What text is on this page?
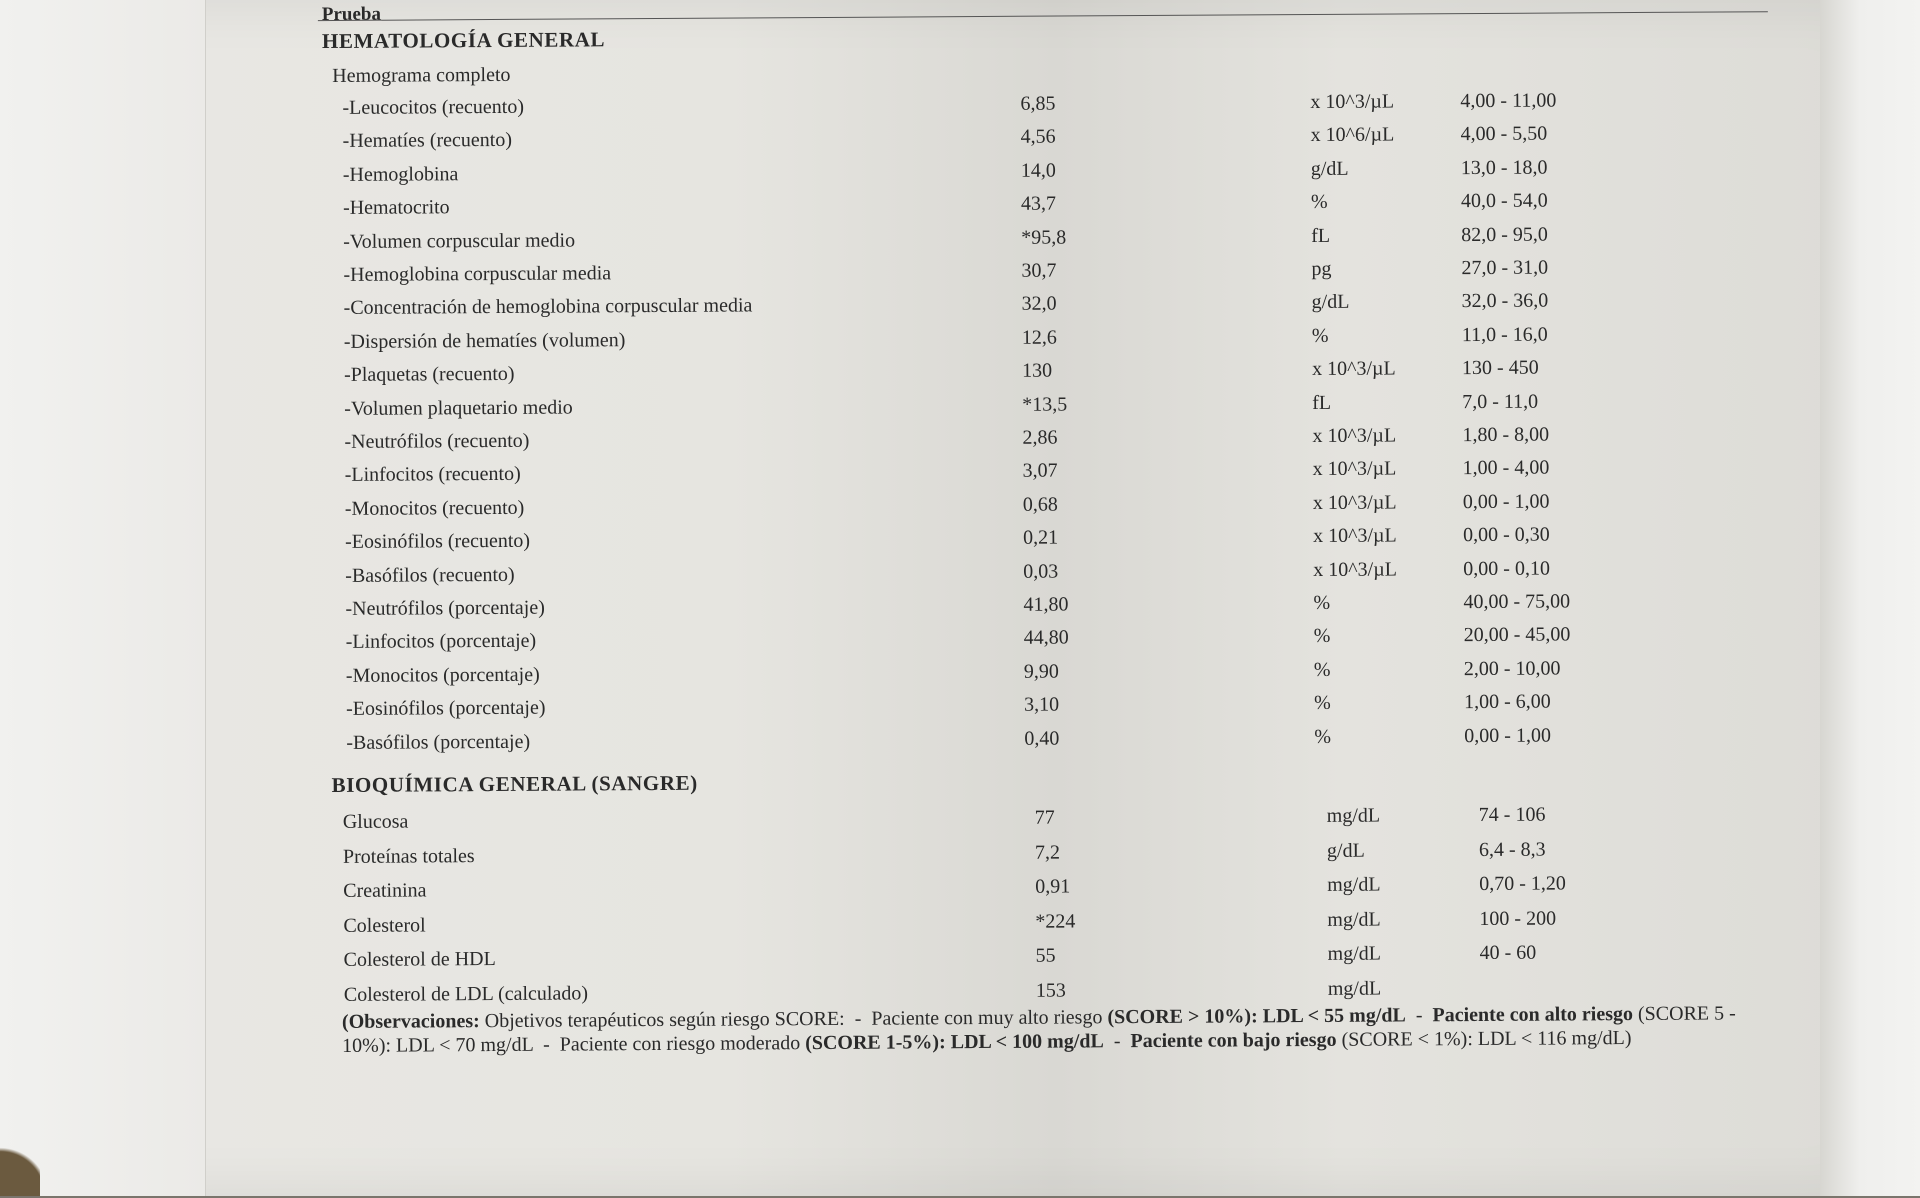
Prueba
HEMATOLOGÍA GENERAL
Hemograma completo
-Leucocitos (recuento)	6,85	x 10^3/µL	4,00 - 11,00
-Hematíes (recuento)	4,56	x 10^6/µL	4,00 - 5,50
-Hemoglobina	14,0	g/dL	13,0 - 18,0
-Hematocrito	43,7	%	40,0 - 54,0
-Volumen corpuscular medio	*95,8	fL	82,0 - 95,0
-Hemoglobina corpuscular media	30,7	pg	27,0 - 31,0
-Concentración de hemoglobina corpuscular media	32,0	g/dL	32,0 - 36,0
-Dispersión de hematíes (volumen)	12,6	%	11,0 - 16,0
-Plaquetas (recuento)	130	x 10^3/µL	130 - 450
-Volumen plaquetario medio	*13,5	fL	7,0 - 11,0
-Neutrófilos (recuento)	2,86	x 10^3/µL	1,80 - 8,00
-Linfocitos (recuento)	3,07	x 10^3/µL	1,00 - 4,00
-Monocitos (recuento)	0,68	x 10^3/µL	0,00 - 1,00
-Eosinófilos (recuento)	0,21	x 10^3/µL	0,00 - 0,30
-Basófilos (recuento)	0,03	x 10^3/µL	0,00 - 0,10
-Neutrófilos (porcentaje)	41,80	%	40,00 - 75,00
-Linfocitos (porcentaje)	44,80	%	20,00 - 45,00
-Monocitos (porcentaje)	9,90	%	2,00 - 10,00
-Eosinófilos (porcentaje)	3,10	%	1,00 - 6,00
-Basófilos (porcentaje)	0,40	%	0,00 - 1,00
BIOQUÍMICA GENERAL (SANGRE)
Glucosa	77	mg/dL	74 - 106
Proteínas totales	7,2	g/dL	6,4 - 8,3
Creatinina	0,91	mg/dL	0,70 - 1,20
Colesterol	*224	mg/dL	100 - 200
Colesterol de HDL	55	mg/dL	40 - 60
Colesterol de LDL (calculado)	153	mg/dL
(Observaciones: Objetivos terapéuticos según riesgo SCORE:  -  Paciente con muy alto riesgo (SCORE > 10%): LDL < 55 mg/dL  -  Paciente con alto riesgo (SCORE 5 - 10%): LDL < 70 mg/dL  -  Paciente con riesgo moderado (SCORE 1-5%): LDL < 100 mg/dL  -  Paciente con bajo riesgo (SCORE < 1%): LDL < 116 mg/dL)
